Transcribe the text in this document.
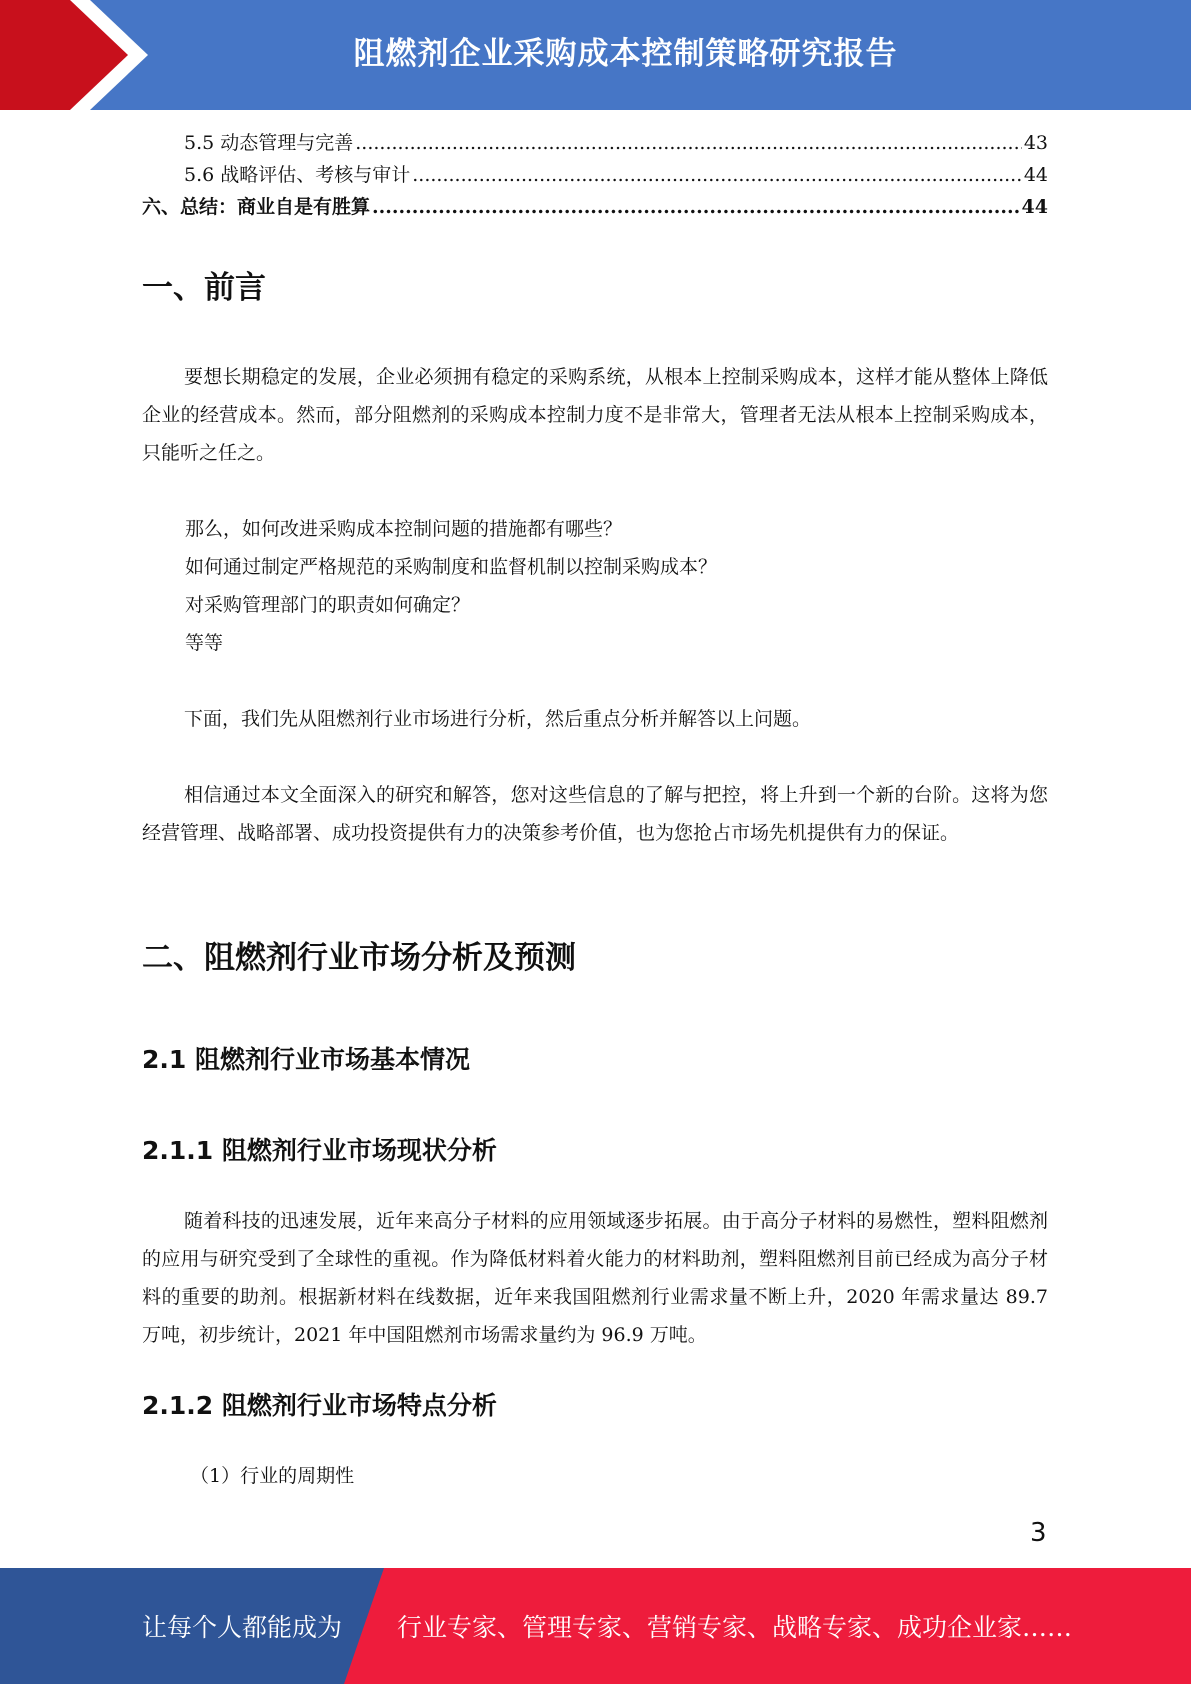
阻燃剂企业采购成本控制策略研究报告
5.5 动态管理与完善 .....	43
5.6 战略评估、考核与审计 .....	44
六、总结：商业自是有胜算 .....	44
一、前言

要想长期稳定的发展，企业必须拥有稳定的采购系统，从根本上控制采购成本，这样才能从整体上降低企业的经营成本。然而，部分阻燃剂的采购成本控制力度不是非常大，管理者无法从根本上控制采购成本，只能听之任之。

那么，如何改进采购成本控制问题的措施都有哪些？
如何通过制定严格规范的采购制度和监督机制以控制采购成本？
对采购管理部门的职责如何确定？
等等

下面，我们先从阻燃剂行业市场进行分析，然后重点分析并解答以上问题。

相信通过本文全面深入的研究和解答，您对这些信息的了解与把控，将上升到一个新的台阶。这将为您经营管理、战略部署、成功投资提供有力的决策参考价值，也为您抢占市场先机提供有力的保证。

二、阻燃剂行业市场分析及预测
2.1 阻燃剂行业市场基本情况
2.1.1 阻燃剂行业市场现状分析

随着科技的迅速发展，近年来高分子材料的应用领域逐步拓展。由于高分子材料的易燃性，塑料阻燃剂的应用与研究受到了全球性的重视。作为降低材料着火能力的材料助剂，塑料阻燃剂目前已经成为高分子材料的重要的助剂。根据新材料在线数据，近年来我国阻燃剂行业需求量不断上升，2020 年需求量达 89.7 万吨，初步统计，2021 年中国阻燃剂市场需求量约为 96.9 万吨。

2.1.2 阻燃剂行业市场特点分析
（1）行业的周期性
3
让每个人都能成为 行业专家、管理专家、营销专家、战略专家、成功企业家……
